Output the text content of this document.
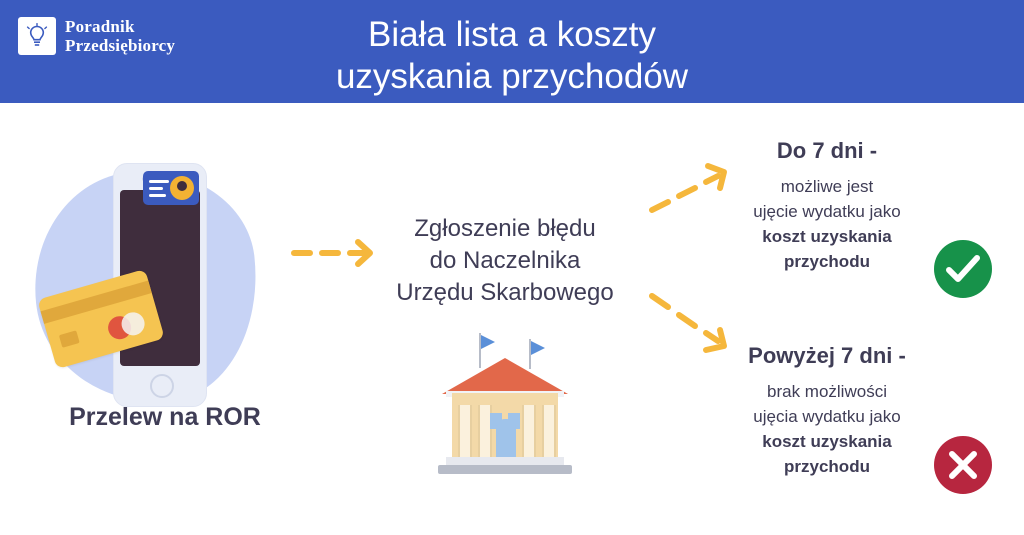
Poradnik
Przedsiębiorcy	Biała lista a koszty
uzyskania przychodów
Przelew na ROR
Zgłoszenie błędu
do Naczelnika
Urzędu Skarbowego
Do 7 dni -
możliwe jest
ujęcie wydatku jako
koszt uzyskania
przychodu
Powyżej 7 dni -
brak możliwości
ujęcia wydatku jako
koszt uzyskania
przychodu
